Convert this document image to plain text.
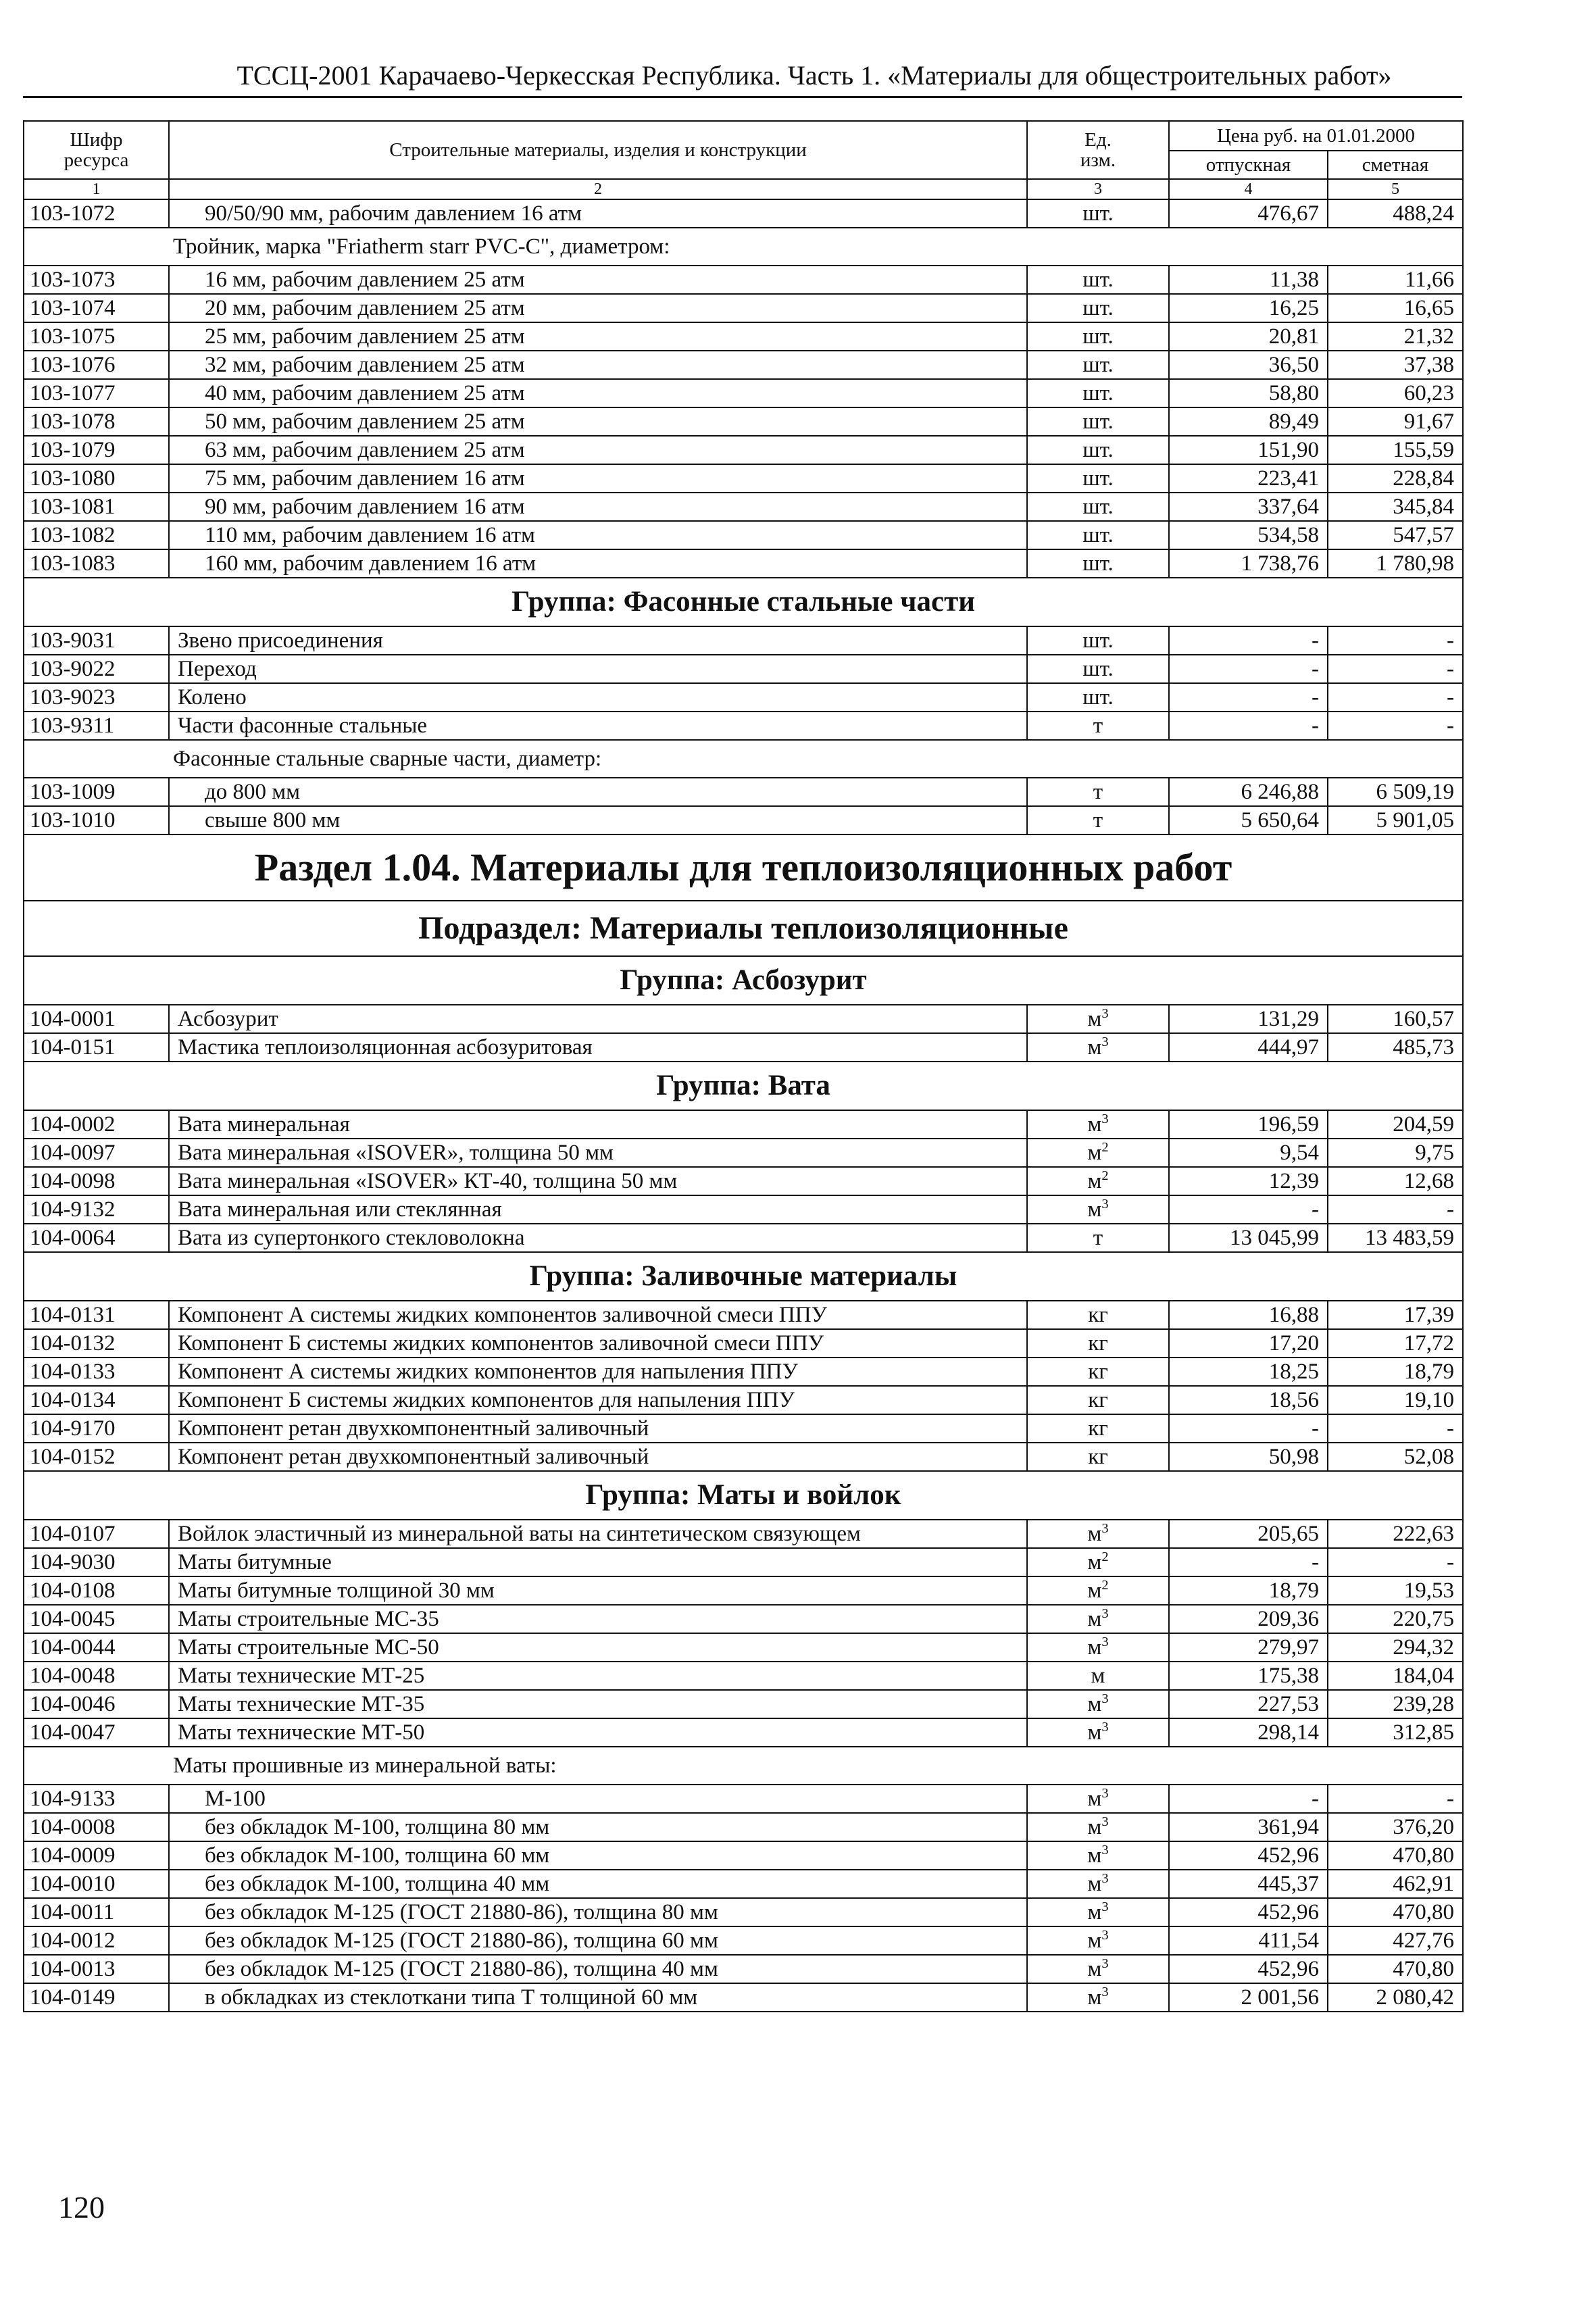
ТССЦ-2001 Карачаево-Черкесская Республика. Часть 1. «Материалы для общестроительных работ»
Шифр ресурса	Строительные материалы, изделия и конструкции	Ед. изм.	Цена руб. на 01.01.2000	
			отпускная	сметная
1	2	3	4	5
103-1072	90/50/90 мм, рабочим давлением 16 атм	шт.	476,67	488,24
Тройник, марка "Friatherm starr PVC-C", диаметром:				
103-1073	16 мм, рабочим давлением 25 атм	шт.	11,38	11,66
103-1074	20 мм, рабочим давлением 25 атм	шт.	16,25	16,65
103-1075	25 мм, рабочим давлением 25 атм	шт.	20,81	21,32
103-1076	32 мм, рабочим давлением 25 атм	шт.	36,50	37,38
103-1077	40 мм, рабочим давлением 25 атм	шт.	58,80	60,23
103-1078	50 мм, рабочим давлением 25 атм	шт.	89,49	91,67
103-1079	63 мм, рабочим давлением 25 атм	шт.	151,90	155,59
103-1080	75 мм, рабочим давлением 16 атм	шт.	223,41	228,84
103-1081	90 мм, рабочим давлением 16 атм	шт.	337,64	345,84
103-1082	110 мм, рабочим давлением 16 атм	шт.	534,58	547,57
103-1083	160 мм, рабочим давлением 16 атм	шт.	1 738,76	1 780,98
Группа: Фасонные стальные части				
103-9031	Звено присоединения	шт.	-	-
103-9022	Переход	шт.	-	-
103-9023	Колено	шт.	-	-
103-9311	Части фасонные стальные	т	-	-
Фасонные стальные сварные части, диаметр:				
103-1009	до 800 мм	т	6 246,88	6 509,19
103-1010	свыше 800 мм	т	5 650,64	5 901,05
Раздел 1.04. Материалы для теплоизоляционных работ				
Подраздел: Материалы теплоизоляционные				
Группа: Асбозурит				
104-0001	Асбозурит	$м^3$	131,29	160,57
104-0151	Мастика теплоизоляционная асбозуритовая	$м^3$	444,97	485,73
Группа: Вата				
104-0002	Вата минеральная	$м^3$	196,59	204,59
104-0097	Вата минеральная «ISOVER», толщина 50 мм	$м^2$	9,54	9,75
104-0098	Вата минеральная «ISOVER» КТ-40, толщина 50 мм	$м^2$	12,39	12,68
104-9132	Вата минеральная или стеклянная	$м^3$	-	-
104-0064	Вата из супертонкого стекловолокна	т	13 045,99	13 483,59
Группа: Заливочные материалы				
104-0131	Компонент А системы жидких компонентов заливочной смеси ППУ	кг	16,88	17,39
104-0132	Компонент Б системы жидких компонентов заливочной смеси ППУ	кг	17,20	17,72
104-0133	Компонент А системы жидких компонентов для напыления ППУ	кг	18,25	18,79
104-0134	Компонент Б системы жидких компонентов для напыления ППУ	кг	18,56	19,10
104-9170	Компонент ретан двухкомпонентный заливочный	кг	-	-
104-0152	Компонент ретан двухкомпонентный заливочный	кг	50,98	52,08
Группа: Маты и войлок				
104-0107	Войлок эластичный из минеральной ваты на синтетическом связующем	$м^3$	205,65	222,63
104-9030	Маты битумные	$м^2$	-	-
104-0108	Маты битумные толщиной 30 мм	$м^2$	18,79	19,53
104-0045	Маты строительные МС-35	$м^3$	209,36	220,75
104-0044	Маты строительные МС-50	$м^3$	279,97	294,32
104-0048	Маты технические МТ-25	м	175,38	184,04
104-0046	Маты технические МТ-35	$м^3$	227,53	239,28
104-0047	Маты технические МТ-50	$м^3$	298,14	312,85
Маты прошивные из минеральной ваты:				
104-9133	М-100	$м^3$	-	-
104-0008	без обкладок М-100, толщина 80 мм	$м^3$	361,94	376,20
104-0009	без обкладок М-100, толщина 60 мм	$м^3$	452,96	470,80
104-0010	без обкладок М-100, толщина 40 мм	$м^3$	445,37	462,91
104-0011	без обкладок М-125 (ГОСТ 21880-86), толщина 80 мм	$м^3$	452,96	470,80
104-0012	без обкладок М-125 (ГОСТ 21880-86), толщина 60 мм	$м^3$	411,54	427,76
104-0013	без обкладок М-125 (ГОСТ 21880-86), толщина 40 мм	$м^3$	452,96	470,80
104-0149	в обкладках из стеклоткани типа Т толщиной 60 мм	$м^3$	2 001,56	2 080,42
120
